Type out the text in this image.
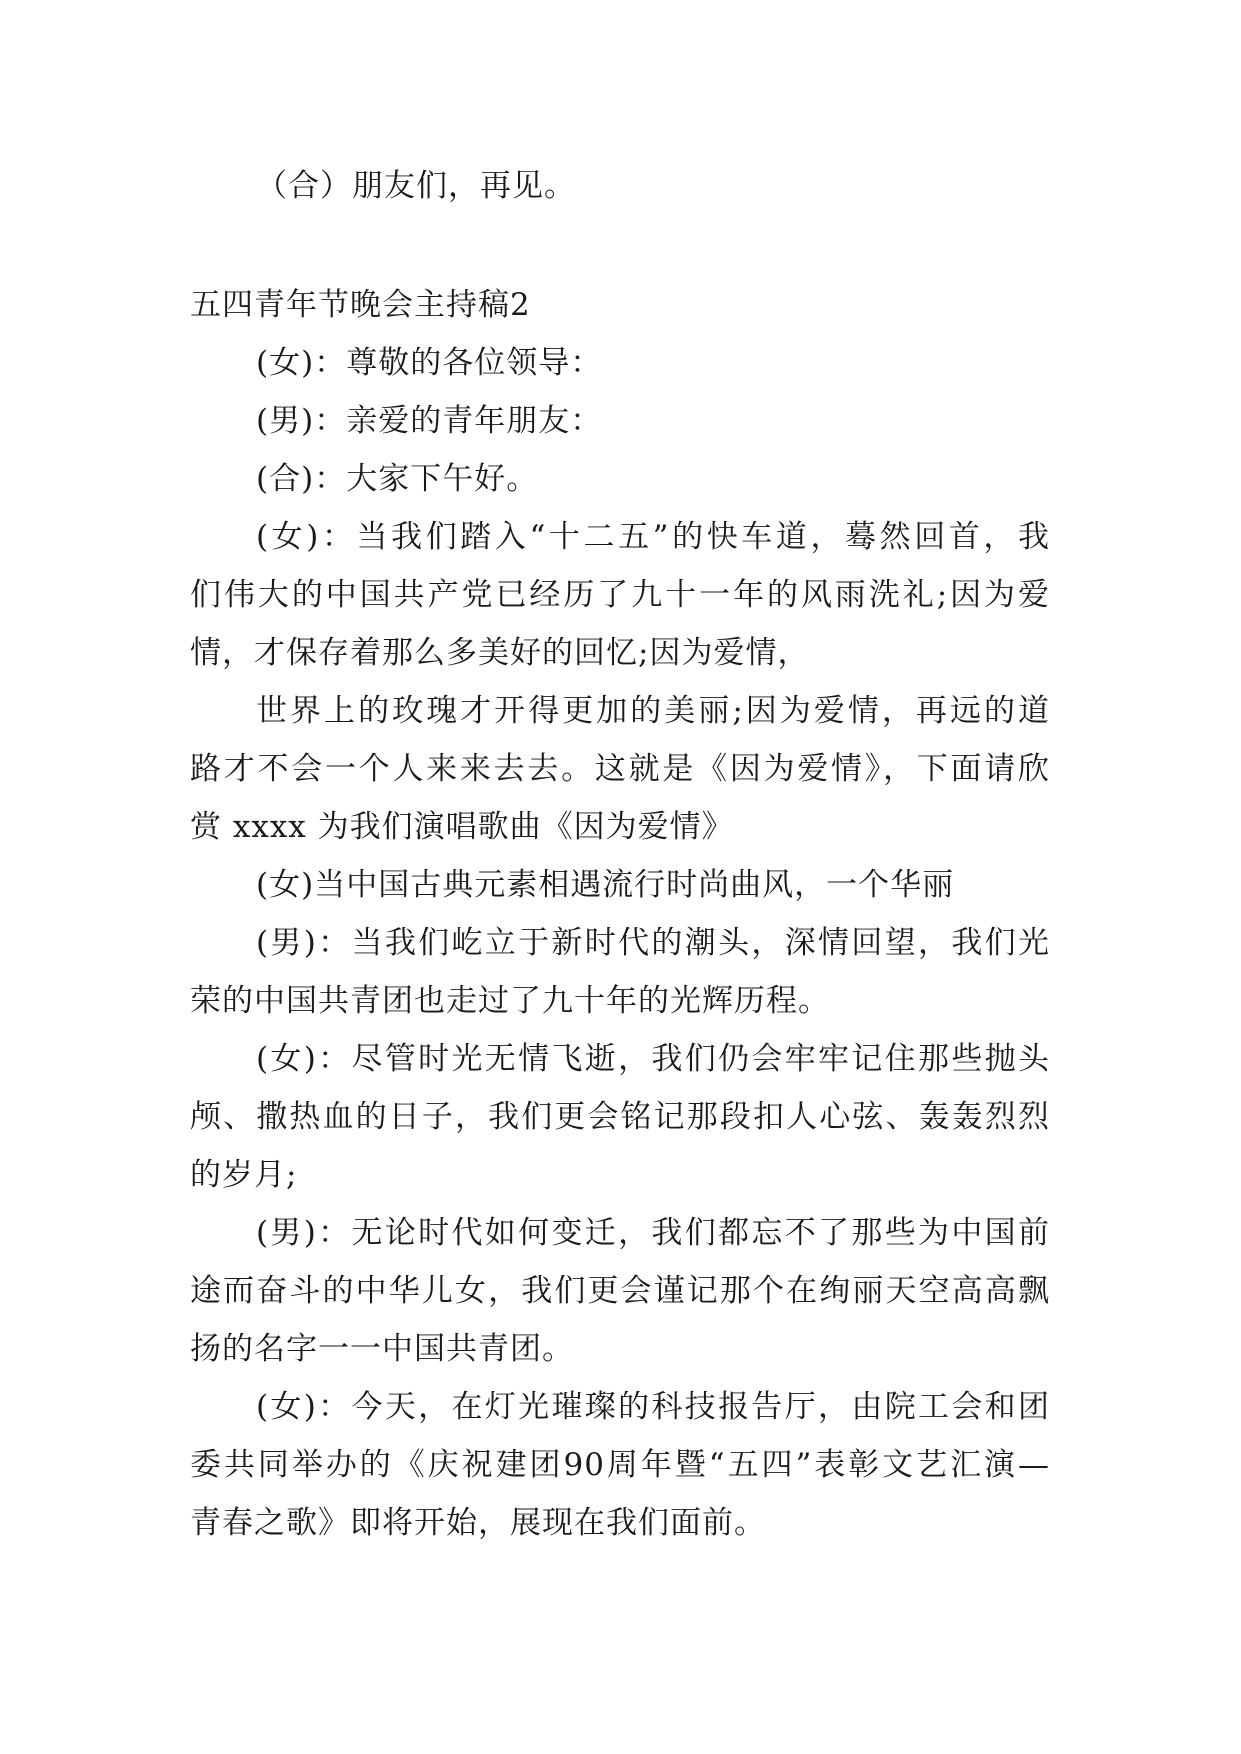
（合）朋友们，再见。
五四青年节晚会主持稿2
(女)：尊敬的各位领导：
(男)：亲爱的青年朋友：
(合)：大家下午好。
(女)：当我们踏入“十二五”的快车道，蓦然回首，我
们伟大的中国共产党已经历了九十一年的风雨洗礼;因为爱
情，才保存着那么多美好的回忆;因为爱情，
世界上的玫瑰才开得更加的美丽;因为爱情，再远的道
路才不会一个人来来去去。这就是《因为爱情》，下面请欣
赏 xxxx 为我们演唱歌曲《因为爱情》
(女)当中国古典元素相遇流行时尚曲风，一个华丽
(男)：当我们屹立于新时代的潮头，深情回望，我们光
荣的中国共青团也走过了九十年的光辉历程。
(女)：尽管时光无情飞逝，我们仍会牢牢记住那些抛头
颅、撒热血的日子，我们更会铭记那段扣人心弦、轰轰烈烈
的岁月;
(男)：无论时代如何变迁，我们都忘不了那些为中国前
途而奋斗的中华儿女，我们更会谨记那个在绚丽天空高高飘
扬的名字一一中国共青团。
(女)：今天，在灯光璀璨的科技报告厅，由院工会和团
委共同举办的《庆祝建团90周年暨“五四”表彰文艺汇演—
青春之歌》即将开始，展现在我们面前。
